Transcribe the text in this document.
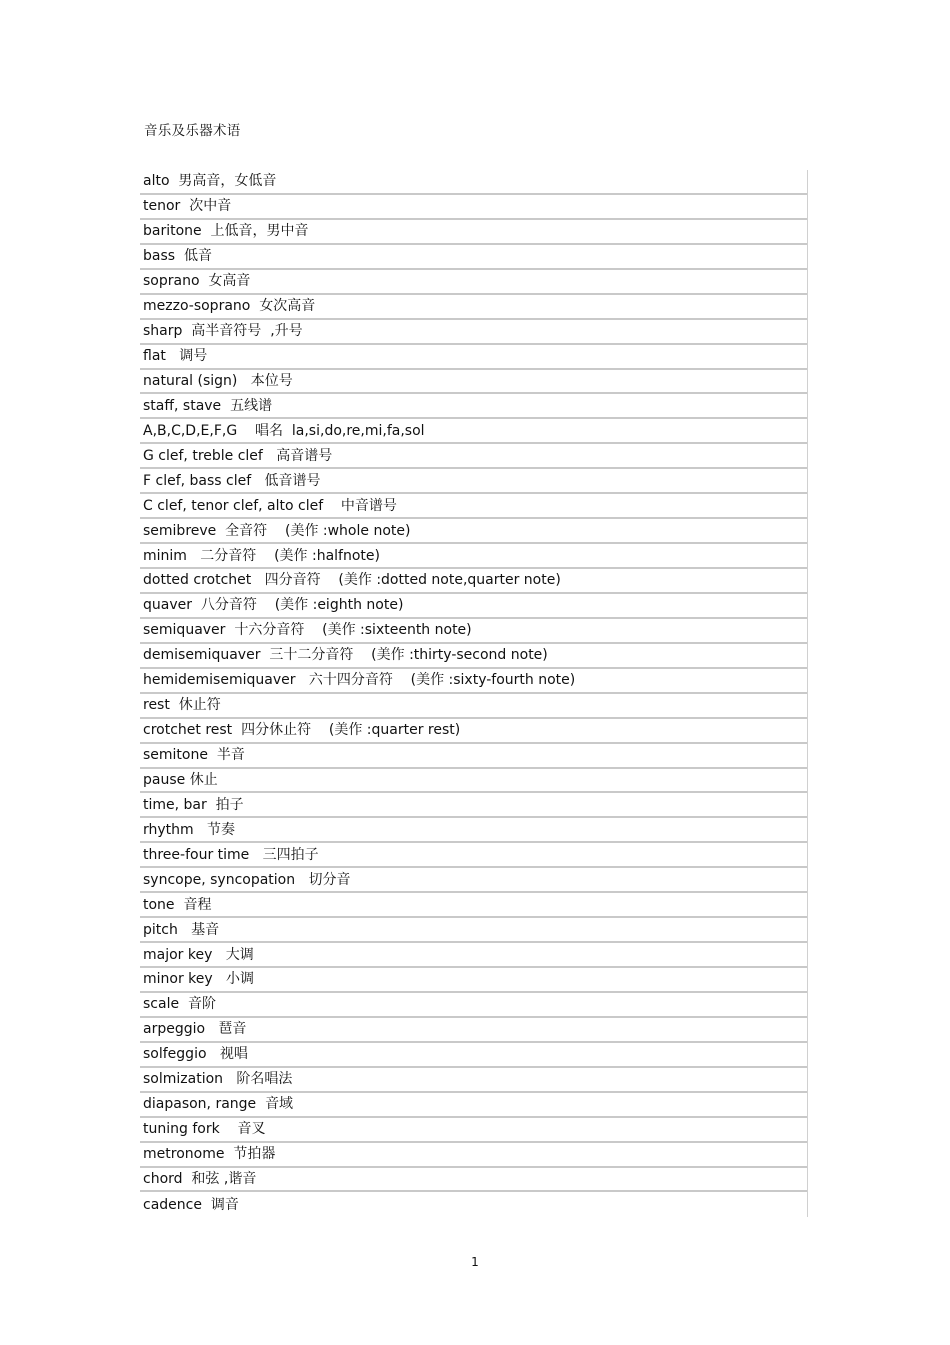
音乐及乐器术语
alto  男高音，女低音
tenor  次中音
baritone  上低音，男中音
bass  低音
soprano  女高音
mezzo-soprano  女次高音
sharp  高半音符号  ,升号
flat   调号
natural (sign)   本位号
staff, stave  五线谱
A,B,C,D,E,F,G    唱名  la,si,do,re,mi,fa,sol
G clef, treble clef   高音谱号
F clef, bass clef   低音谱号
C clef, tenor clef, alto clef    中音谱号
semibreve  全音符    (美作 :whole note)
minim   二分音符    (美作 :halfnote)
dotted crotchet   四分音符    (美作 :dotted note,quarter note)
quaver  八分音符    (美作 :eighth note)
semiquaver  十六分音符    (美作 :sixteenth note)
demisemiquaver  三十二分音符    (美作 :thirty-second note)
hemidemisemiquaver   六十四分音符    (美作 :sixty-fourth note)
rest  休止符
crotchet rest  四分休止符    (美作 :quarter rest)
semitone  半音
pause 休止
time, bar  拍子
rhythm   节奏
three-four time   三四拍子
syncope, syncopation   切分音
tone  音程
pitch   基音
major key   大调
minor key   小调
scale  音阶
arpeggio   琶音
solfeggio   视唱
solmization   阶名唱法
diapason, range  音域
tuning fork    音叉
metronome  节拍器
chord  和弦 ,谐音
cadence  调音
1
